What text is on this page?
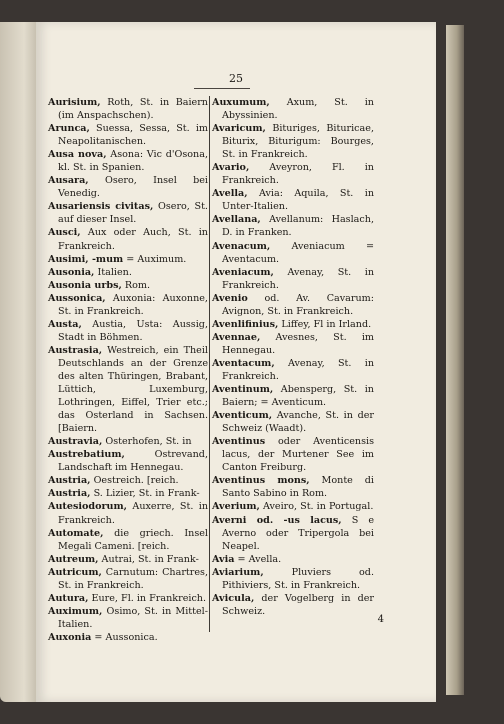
25
Aurisium, Roth, St. in Baiern (im Anspachschen).
Arunca, Suessa, Sessa, St. im Neapolitanischen.
Ausa nova, Asona: Vic d'Osona, kl. St. in Spanien.
Ausara, Osero, Insel bei Venedig.
Ausariensis civitas, Osero, St. auf dieser Insel.
Ausci, Aux oder Auch, St. in Frankreich.
Ausimi, -mum = Auximum.
Ausonia, Italien.
Ausonia urbs, Rom.
Aussonica, Auxonia: Auxonne, St. in Frankreich.
Austa, Austia, Usta: Aussig, Stadt in Böhmen.
Austrasia, Westreich, ein Theil Deutschlands an der Grenze des alten Thüringen, Brabant, Lüttich, Luxemburg, Lothringen, Eiffel, Trier etc.; das Osterland in Sachsen. [Baiern.
Austravia, Osterhofen, St. in
Austrebatium, Ostrevand, Landschaft im Hennegau.
Austria, Oestreich. [reich.
Austria, S. Lizier, St. in Frank-
Autesiodorum, Auxerre, St. in Frankreich.
Automate, die griech. Insel Megali Cameni. [reich.
Autreum, Autrai, St. in Frank-
Autricum, Carnutum: Chartres, St. in Frankreich.
Autura, Eure, Fl. in Frankreich.
Auximum, Osimo, St. in Mittel-Italien.
Auxonia = Aussonica.
Auxumum, Axum, St. in Abyssinien.
Avaricum, Bituriges, Bituricae, Biturix, Biturigum: Bourges, St. in Frankreich.
Avario, Aveyron, Fl. in Frankreich.
Avella, Avia: Aquila, St. in Unter-Italien.
Avellana, Avellanum: Haslach, D. in Franken.
Avenacum, Aveniacum = Aventacum.
Aveniacum, Avenay, St. in Frankreich.
Avenio od. Av. Cavarum: Avignon, St. in Frankreich.
Avenlifinius, Liffey, Fl in Irland.
Avennae, Avesnes, St. im Hennegau.
Aventacum, Avenay, St. in Frankreich.
Aventinum, Abensperg, St. in Baiern; = Aventicum.
Aventicum, Avanche, St. in der Schweiz (Waadt).
Aventinus oder Aventicensis lacus, der Murtener See im Canton Freiburg.
Aventinus mons, Monte di Santo Sabino in Rom.
Averium, Aveiro, St. in Portugal.
Averni od. -us lacus, S e Averno oder Tripergola bei Neapel.
Avia = Avella.
Aviarium, Pluviers od. Pithiviers, St. in Frankreich.
Avicula, der Vogelberg in der Schweiz.
4
